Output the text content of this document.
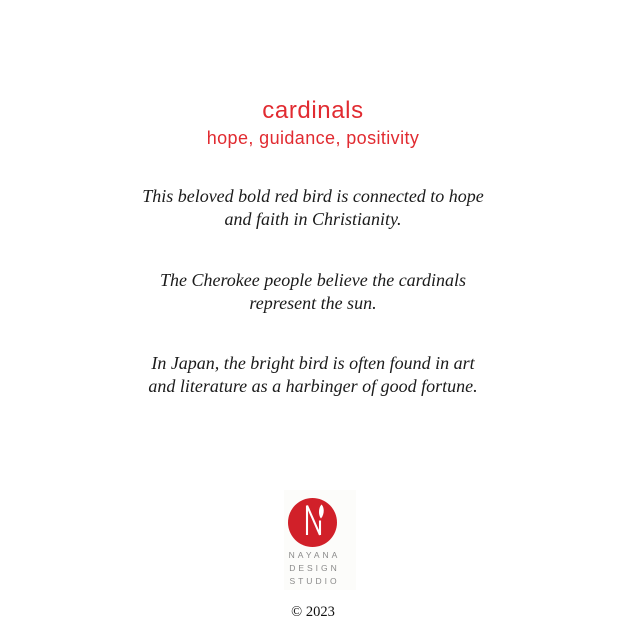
cardinals
hope, guidance, positivity

This beloved bold red bird is connected to hope
and faith in Christianity.

The Cherokee people believe the cardinals
represent the sun.

In Japan, the bright bird is often found in art
and literature as a harbinger of good fortune.

NAYANA
DESIGN
STUDIO
© 2023
